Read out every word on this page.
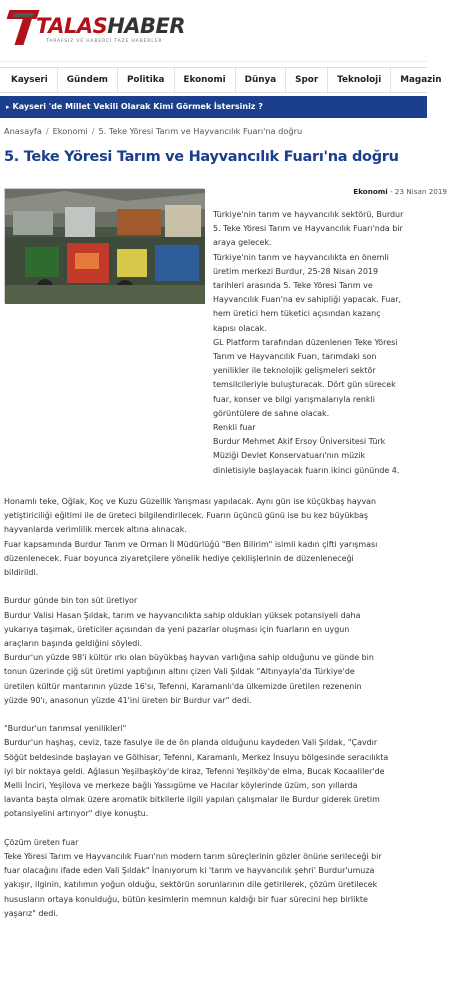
TALASHABER
TARAFSIZ VE HABERCİ TAZE HABERLER
Kayseri	Gündem	Politika	Ekonomi	Dünya	Spor	Teknoloji	Magazin
▸ Kayseri 'de Millet Vekili Olarak Kimi Görmek İstersiniz ?
Anasayfa / Ekonomi / 5. Teke Yöresi Tarım ve Hayvancılık Fuarı'na doğru
5. Teke Yöresi Tarım ve Hayvancılık Fuarı'na doğru
Ekonomi - 23 Nisan 2019

Türkiye'nin tarım ve hayvancılık sektörü, Burdur

5. Teke Yöresi Tarım ve Hayvancılık Fuarı'nda bir

araya gelecek.

Türkiye'nin tarım ve hayvancılıkta en önemli

üretim merkezi Burdur, 25-28 Nisan 2019

tarihleri arasında 5. Teke Yöresi Tarım ve

Hayvancılık Fuarı'na ev sahipliği yapacak. Fuar,

hem üretici hem tüketici açısından kazanç

kapısı olacak.

GL Platform tarafından düzenlenen Teke Yöresi

Tarım ve Hayvancılık Fuarı, tarımdaki son

yenilikler ile teknolojik gelişmeleri sektör

temsilcileriyle buluşturacak. Dört gün sürecek

fuar, konser ve bilgi yarışmalarıyla renkli

görüntülere de sahne olacak.

Renkli fuar

Burdur Mehmet Akif Ersoy Üniversitesi Türk

Müziği Devlet Konservatuarı'nın müzik

dinletisiyle başlayacak fuarın ikinci gününde 4.

Honamlı teke, Oğlak, Koç ve Kuzu Güzellik Yarışması yapılacak. Aynı gün ise küçükbaş hayvan

yetiştiriciliği eğitimi ile de üreteci bilgilendirilecek. Fuarın üçüncü günü ise bu kez büyükbaş

hayvanlarda verimlilik mercek altına alınacak.

Fuar kapsamında Burdur Tarım ve Orman İl Müdürlüğü "Ben Bilirim" isimli kadın çifti yarışması

düzenlenecek. Fuar boyunca ziyaretçilere yönelik hediye çekilişlerinin de düzenleneceği

bildirildi.

Burdur günde bin ton süt üretiyor

Burdur Valisi Hasan Şıldak, tarım ve hayvancılıkta sahip oldukları yüksek potansiyeli daha

yukarıya taşımak, üreticiler açısından da yeni pazarlar oluşması için fuarların en uygun

araçların başında geldiğini söyledi.

Burdur'un yüzde 98'i kültür ırkı olan büyükbaş hayvan varlığına sahip olduğunu ve günde bin

tonun üzerinde çiğ süt üretimi yaptığının altını çizen Vali Şıldak "Altınyayla'da Türkiye'de

üretilen kültür mantarının yüzde 16'sı, Tefenni, Karamanlı'da ülkemizde üretilen rezenenin

yüzde 90'ı, anasonun yüzde 41'ini üreten bir Burdur var" dedi.

"Burdur'un tarımsal yenilikleri"

Burdur'un haşhaş, ceviz, taze fasulye ile de ön planda olduğunu kaydeden Vali Şıldak, "Çavdır

Söğüt beldesinde başlayan ve Gölhisar, Tefenni, Karamanlı, Merkez İnsuyu bölgesinde seracılıkta

iyi bir noktaya geldi. Ağlasun Yeşilbaşköy'de kiraz, Tefenni Yeşilköy'de elma, Bucak Kocaaliler'de

Melli İnciri, Yeşilova ve merkeze bağlı Yassıgüme ve Hacılar köylerinde üzüm, son yıllarda

lavanta başta olmak üzere aromatik bitkilerle ilgili yapılan çalışmalar ile Burdur giderek üretim

potansiyelini artırıyor" diye konuştu.

Çözüm üreten fuar

Teke Yöresi Tarım ve Hayvancılık Fuarı'nın modern tarım süreçlerinin gözler önüne serileceği bir

fuar olacağını ifade eden Vali Şıldak" İnanıyorum ki 'tarım ve hayvancılık şehri' Burdur'umuza

yakışır, ilginin, katılımın yoğun olduğu, sektörün sorunlarının dile getirilerek, çözüm üretilecek

hususların ortaya konulduğu, bütün kesimlerin memnun kaldığı bir fuar sürecini hep birlikte

yaşarız" dedi.
